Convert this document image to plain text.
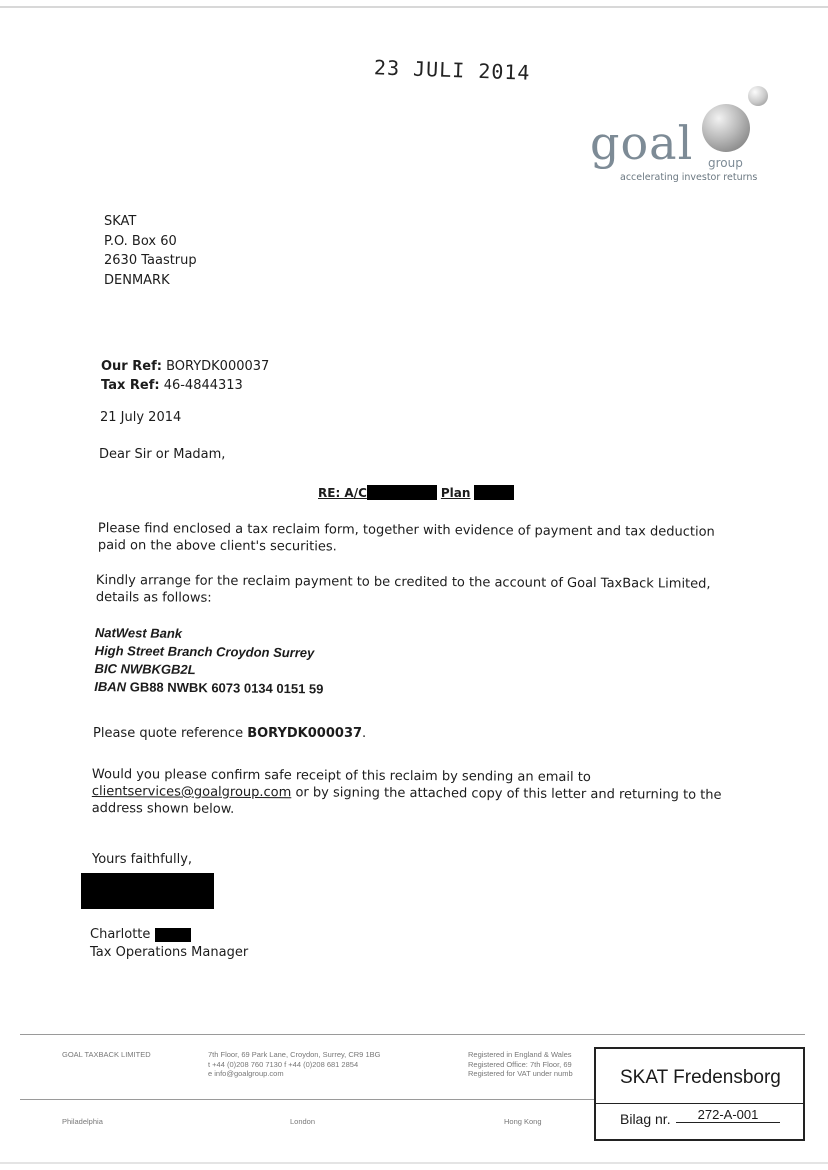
23 JULI 2014
goal group
accelerating investor returns
SKAT
P.O. Box 60
2630 Taastrup
DENMARK
Our Ref: BORYDK000037
Tax Ref: 46-4844313
21 July 2014
Dear Sir or Madam,
RE: A/C	Plan
Please find enclosed a tax reclaim form, together with evidence of payment and tax deduction paid on the above client's securities.
Kindly arrange for the reclaim payment to be credited to the account of Goal TaxBack Limited, details as follows:
NatWest Bank
High Street Branch Croydon Surrey
BIC NWBKGB2L
IBAN GB88 NWBK 6073 0134 0151 59
Please quote reference BORYDK000037.
Would you please confirm safe receipt of this reclaim by sending an email to
clientservices@goalgroup.com or by signing the attached copy of this letter and returning to the address shown below.
Yours faithfully,
Charlotte
Tax Operations Manager
GOAL TAXBACK LIMITED	7th Floor, 69 Park Lane, Croydon, Surrey, CR9 1BG
t +44 (0)208 760 7130 f +44 (0)208 681 2854
e info@goalgroup.com
Registered in England & Wales
Registered Office: 7th Floor, 69
Registered for VAT under numb
Philadelphia	London	Hong Kong
SKAT Fredensborg
Bilag nr.	272-A-001
